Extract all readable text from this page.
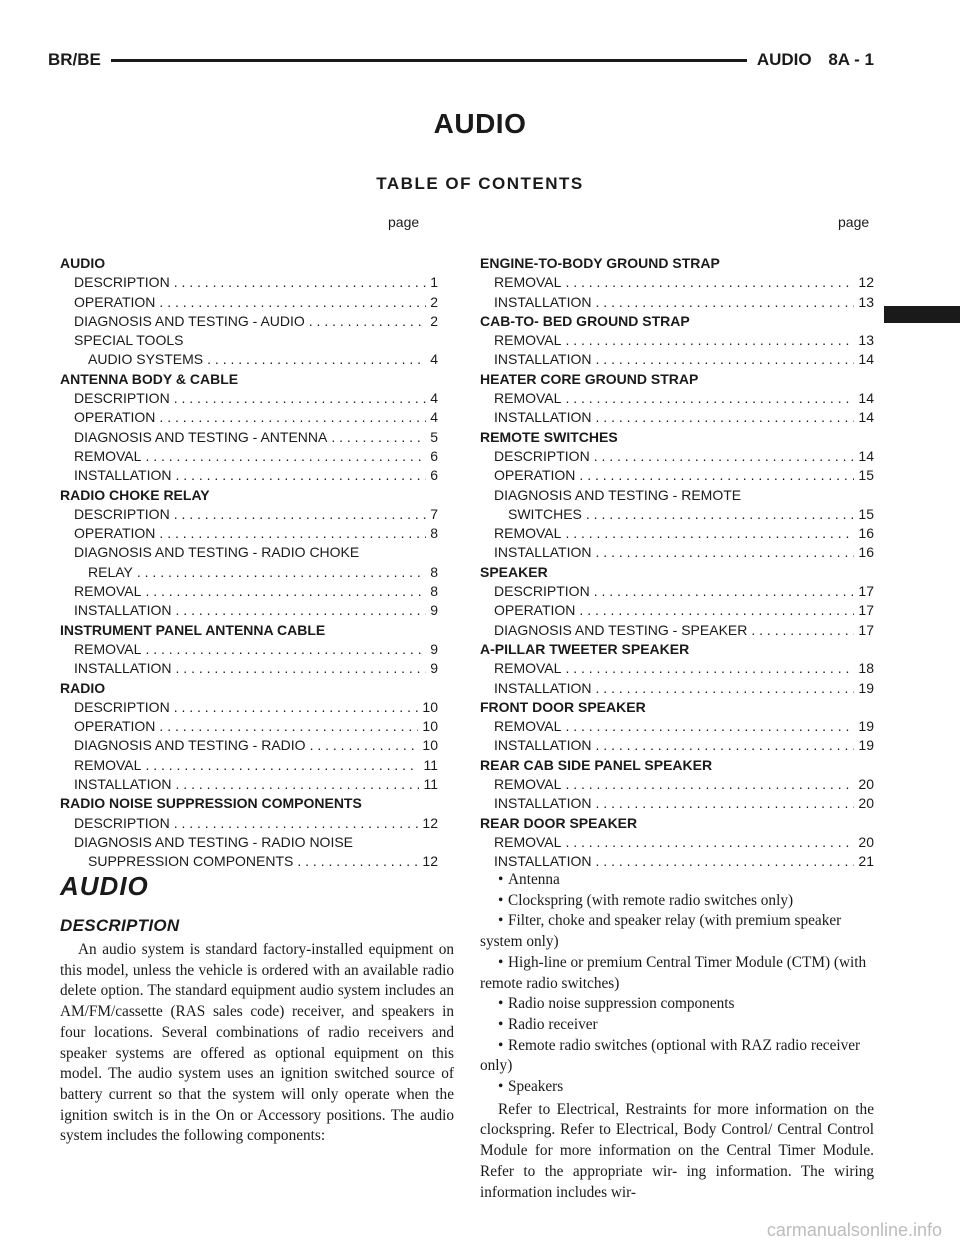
BR/BE	AUDIO 8A - 1
AUDIO
TABLE OF CONTENTS
page	page
AUDIO
DESCRIPTION . . .	1
OPERATION . . .	2
DIAGNOSIS AND TESTING - AUDIO . . .	2
SPECIAL TOOLS
AUDIO SYSTEMS . . .	4
ANTENNA BODY & CABLE
DESCRIPTION . . .	4
OPERATION . . .	4
DIAGNOSIS AND TESTING - ANTENNA . . .	5
REMOVAL . . .	6
INSTALLATION . . .	6
RADIO CHOKE RELAY
DESCRIPTION . . .	7
OPERATION . . .	8
DIAGNOSIS AND TESTING - RADIO CHOKE
RELAY . . .	8
REMOVAL . . .	8
INSTALLATION . . .	9
INSTRUMENT PANEL ANTENNA CABLE
REMOVAL . . .	9
INSTALLATION . . .	9
RADIO
DESCRIPTION . . .	10
OPERATION . . .	10
DIAGNOSIS AND TESTING - RADIO . . .	10
REMOVAL . . .	11
INSTALLATION . . .	11
RADIO NOISE SUPPRESSION COMPONENTS
DESCRIPTION . . .	12
DIAGNOSIS AND TESTING - RADIO NOISE
SUPPRESSION COMPONENTS . . .	12
ENGINE-TO-BODY GROUND STRAP
REMOVAL . . .	12
INSTALLATION . . .	13
CAB-TO- BED GROUND STRAP
REMOVAL . . .	13
INSTALLATION . . .	14
HEATER CORE GROUND STRAP
REMOVAL . . .	14
INSTALLATION . . .	14
REMOTE SWITCHES
DESCRIPTION . . .	14
OPERATION . . .	15
DIAGNOSIS AND TESTING - REMOTE
SWITCHES . . .	15
REMOVAL . . .	16
INSTALLATION . . .	16
SPEAKER
DESCRIPTION . . .	17
OPERATION . . .	17
DIAGNOSIS AND TESTING - SPEAKER . . .	17
A-PILLAR TWEETER SPEAKER
REMOVAL . . .	18
INSTALLATION . . .	19
FRONT DOOR SPEAKER
REMOVAL . . .	19
INSTALLATION . . .	19
REAR CAB SIDE PANEL SPEAKER
REMOVAL . . .	20
INSTALLATION . . .	20
REAR DOOR SPEAKER
REMOVAL . . .	20
INSTALLATION . . .	21
AUDIO
DESCRIPTION

An audio system is standard factory-installed equipment on this model, unless the vehicle is ordered with an available radio delete option. The standard equipment audio system includes an AM/FM/cassette (RAS sales code) receiver, and speakers in four locations. Several combinations of radio receivers and speaker systems are offered as optional equipment on this model. The audio system uses an ignition switched source of battery current so that the system will only operate when the ignition switch is in the On or Accessory positions. The audio system includes the following components:

• Antenna

• Clockspring (with remote radio switches only)

• Filter, choke and speaker relay (with premium speaker system only)

• High-line or premium Central Timer Module (CTM) (with remote radio switches)

• Radio noise suppression components

• Radio receiver

• Remote radio switches (optional with RAZ radio receiver only)

• Speakers

Refer to Electrical, Restraints for more information on the clockspring. Refer to Electrical, Body Control/ Central Control Module for more information on the Central Timer Module. Refer to the appropriate wir- ing information. The wiring information includes wir-

carmanualsonline.info
